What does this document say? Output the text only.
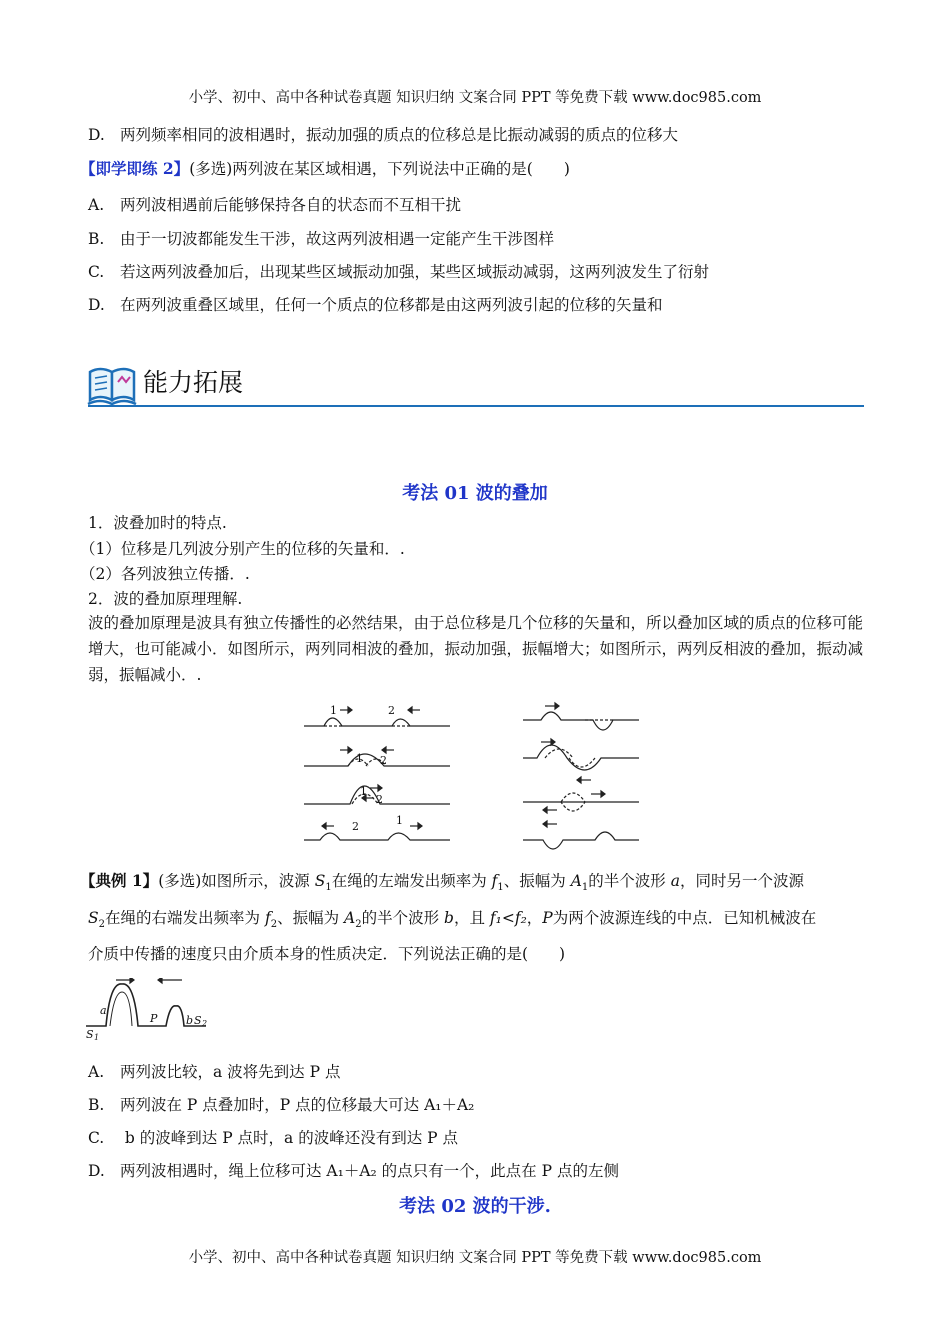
小学、初中、高中各种试卷真题 知识归纳 文案合同 PPT 等免费下载 www.doc985.com
D. 两列频率相同的波相遇时，振动加强的质点的位移总是比振动减弱的质点的位移大
【即学即练 2】(多选)两列波在某区域相遇，下列说法中正确的是(　　)
A. 两列波相遇前后能够保持各自的状态而不互相干扰
B. 由于一切波都能发生干涉，故这两列波相遇一定能产生干涉图样
C. 若这两列波叠加后，出现某些区域振动加强，某些区域振动减弱，这两列波发生了衍射
D. 在两列波重叠区域里，任何一个质点的位移都是由这两列波引起的位移的矢量和
能力拓展
考法 01 波的叠加
1．波叠加时的特点.
（1）位移是几列波分别产生的位移的矢量和．.
（2）各列波独立传播．.
2．波的叠加原理理解.
波的叠加原理是波具有独立传播性的必然结果，由于总位移是几个位移的矢量和，所以叠加区域的质点的位移可能增大，也可能减小．如图所示，两列同相波的叠加，振动加强，振幅增大；如图所示，两列反相波的叠加，振动减弱，振幅减小．.
1	2
1 2
1
2
2	1
【典例 1】(多选)如图所示，波源 $S_1$在绳的左端发出频率为 $f_1$、振幅为 $A_1$的半个波形 a，同时另一个波源
$S_2$在绳的右端发出频率为 $f_2$、振幅为 $A_2$的半个波形 b，且 f₁<f₂，P为两个波源连线的中点．已知机械波在
介质中传播的速度只由介质本身的性质决定．下列说法正确的是(　　)
a
P	b
S 1
S 2
A. 两列波比较，a 波将先到达 P 点
B. 两列波在 P 点叠加时，P 点的位移最大可达 A₁＋A₂
C. b 的波峰到达 P 点时，a 的波峰还没有到达 P 点
D. 两列波相遇时，绳上位移可达 A₁＋A₂ 的点只有一个，此点在 P 点的左侧
考法 02 波的干涉.
小学、初中、高中各种试卷真题 知识归纳 文案合同 PPT 等免费下载 www.doc985.com
